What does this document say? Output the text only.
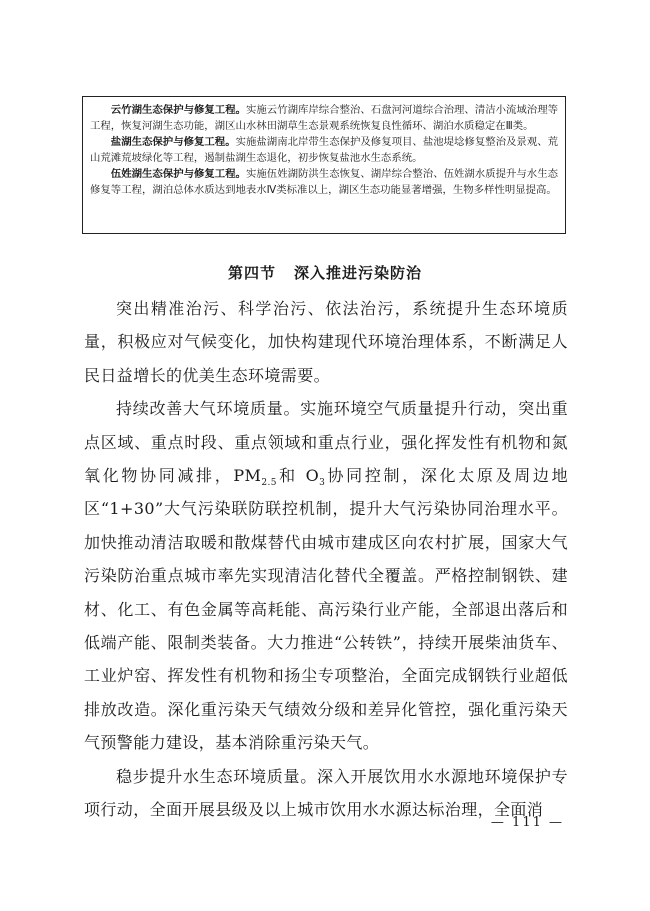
云竹湖生态保护与修复工程。实施云竹湖库岸综合整治、石盘河河道综合治理、清洁小流域治理等工程，恢复河湖生态功能，湖区山水林田湖草生态景观系统恢复良性循环、湖泊水质稳定在Ⅲ类。

盐湖生态保护与修复工程。实施盐湖南北岸带生态保护及修复项目、盐池堤埝修复整治及景观、荒山荒滩荒坡绿化等工程，遏制盐湖生态退化，初步恢复盐池水生态系统。

伍姓湖生态保护与修复工程。实施伍姓湖防洪生态恢复、湖岸综合整治、伍姓湖水质提升与水生态修复等工程，湖泊总体水质达到地表水Ⅳ类标准以上，湖区生态功能显著增强，生物多样性明显提高。

第四节 深入推进污染防治

突出精准治污、科学治污、依法治污，系统提升生态环境质量，积极应对气候变化，加快构建现代环境治理体系，不断满足人民日益增长的优美生态环境需要。

持续改善大气环境质量。实施环境空气质量提升行动，突出重点区域、重点时段、重点领域和重点行业，强化挥发性有机物和氮氧化物协同减排，$PM_{2.5}$和 $O_3$协同控制，深化太原及周边地区“1+30”大气污染联防联控机制，提升大气污染协同治理水平。加快推动清洁取暖和散煤替代由城市建成区向农村扩展，国家大气污染防治重点城市率先实现清洁化替代全覆盖。严格控制钢铁、建材、化工、有色金属等高耗能、高污染行业产能，全部退出落后和低端产能、限制类装备。大力推进“公转铁”，持续开展柴油货车、工业炉窑、挥发性有机物和扬尘专项整治，全面完成钢铁行业超低排放改造。深化重污染天气绩效分级和差异化管控，强化重污染天气预警能力建设，基本消除重污染天气。

稳步提升水生态环境质量。深入开展饮用水水源地环境保护专项行动，全面开展县级及以上城市饮用水水源达标治理，全面消

— 111 —
